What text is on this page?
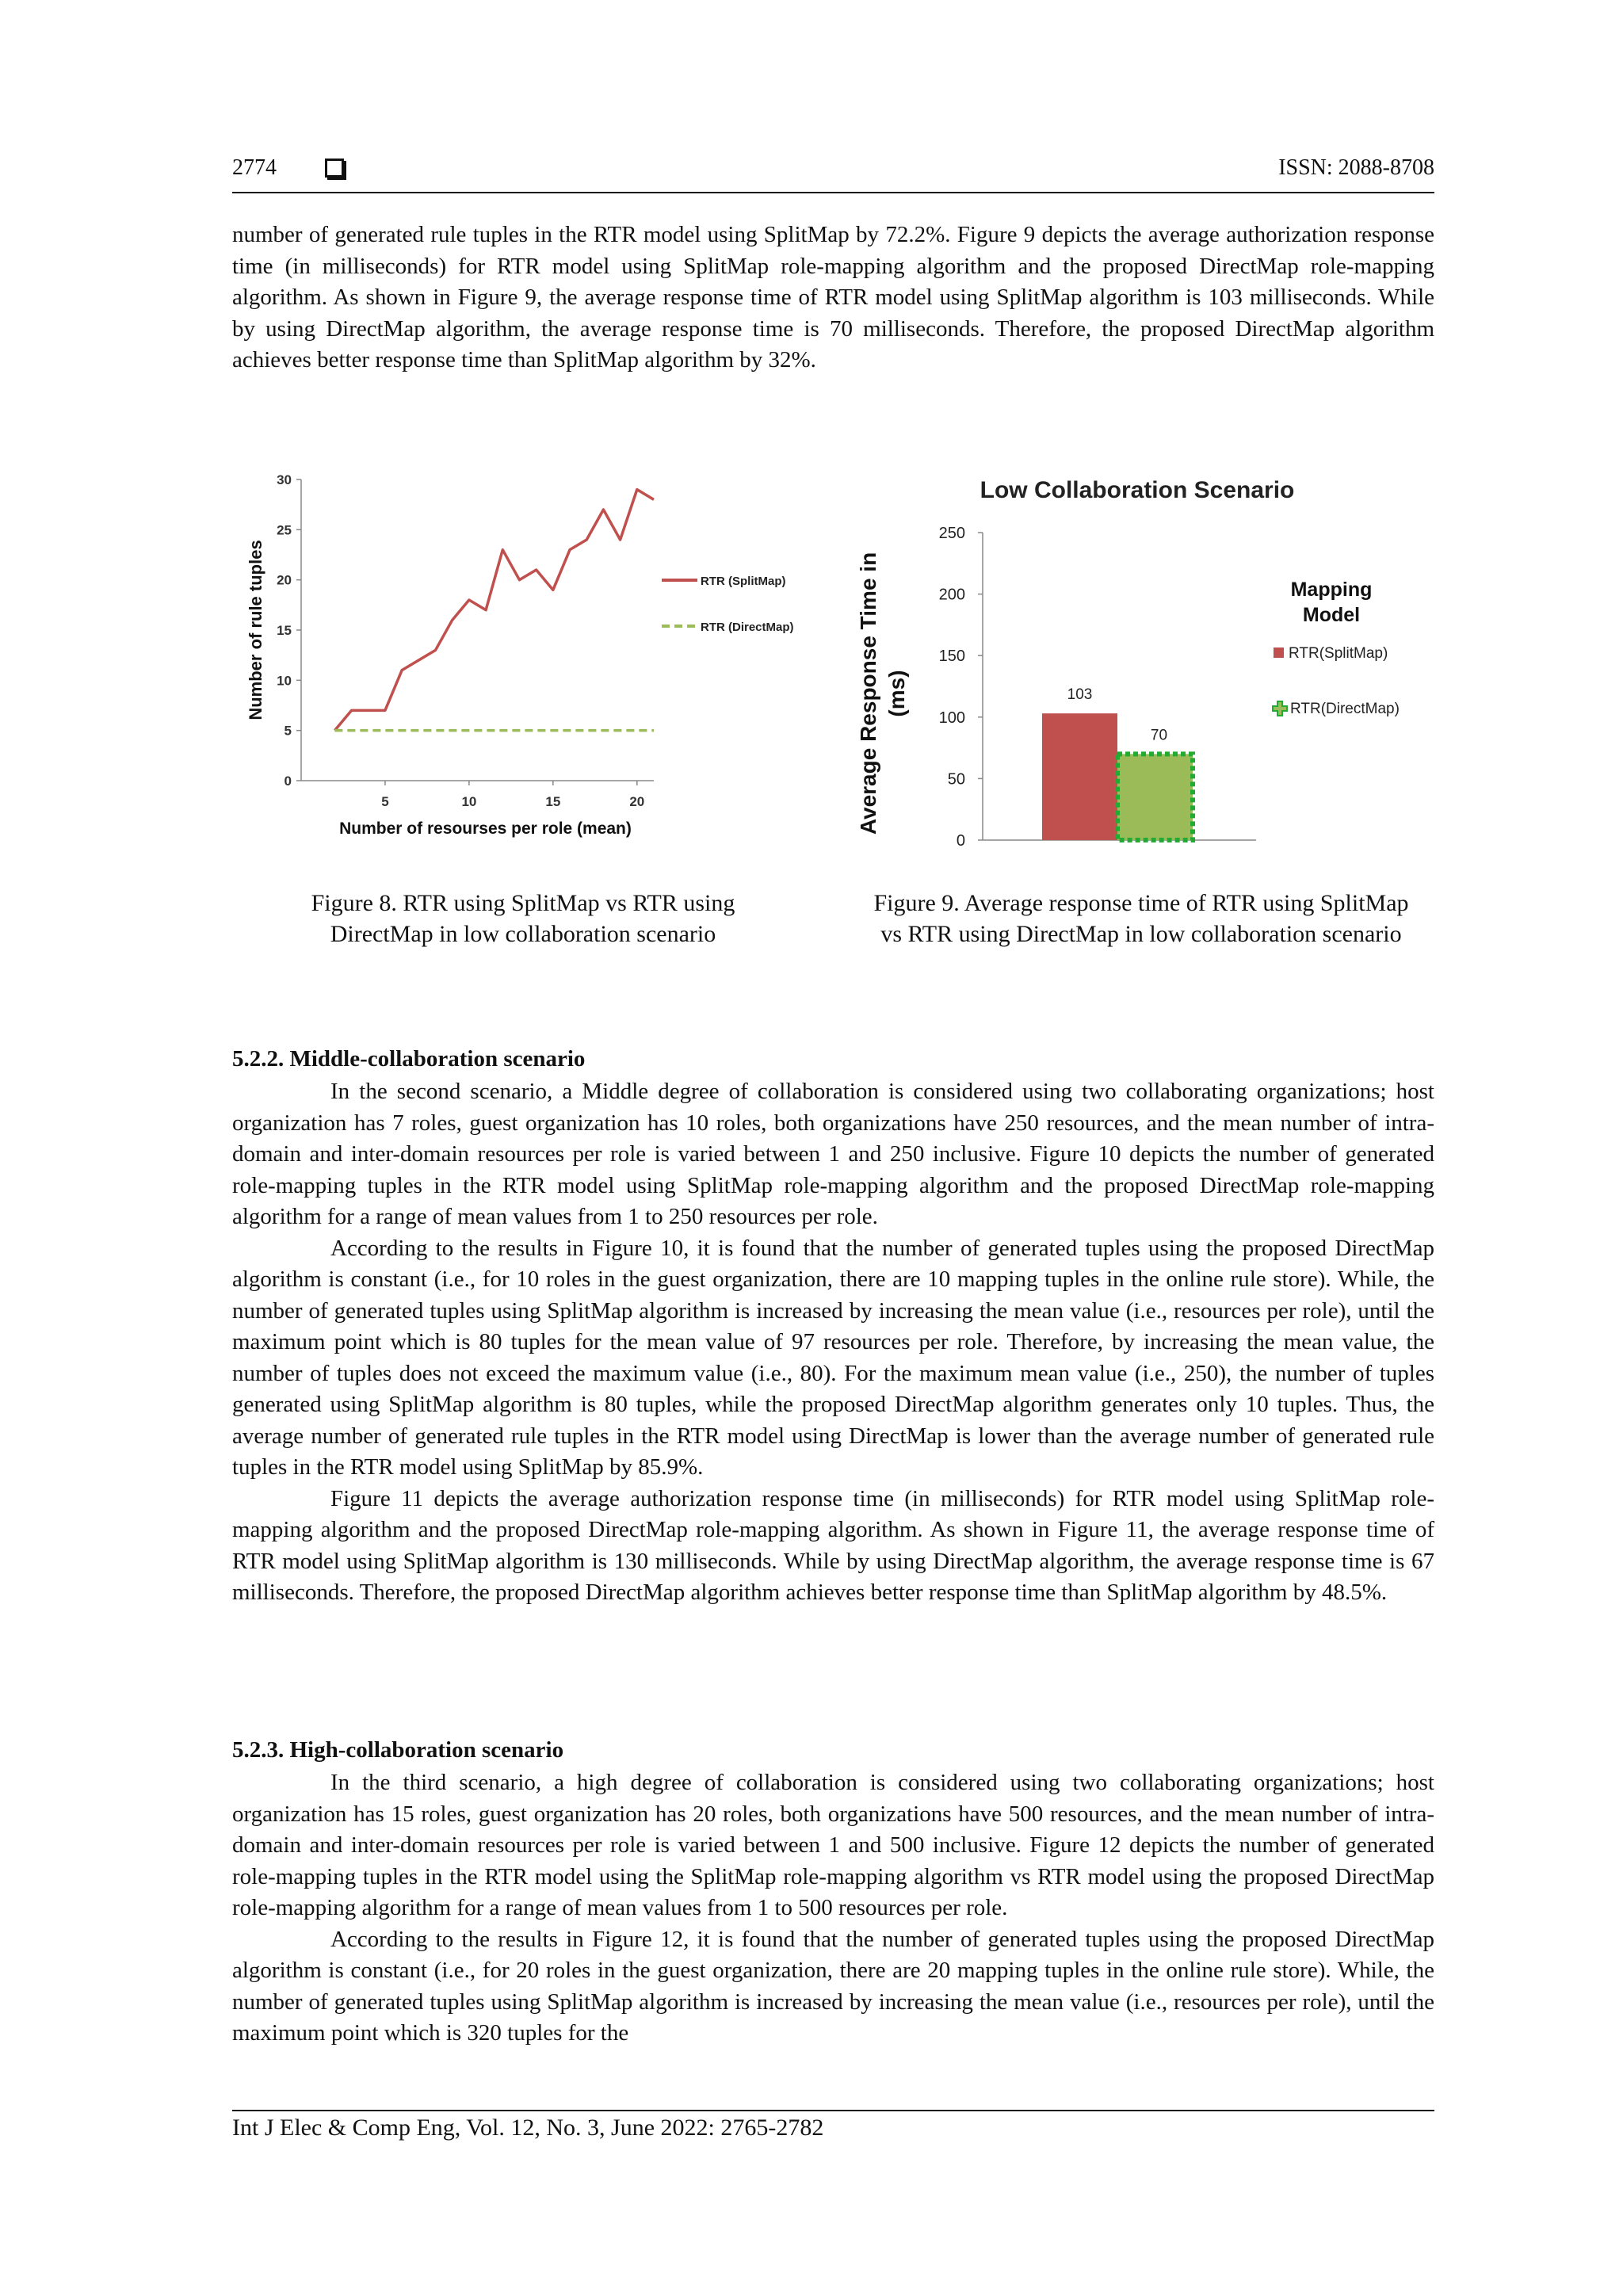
2774	ISSN: 2088-8708

number of generated rule tuples in the RTR model using SplitMap by 72.2%. Figure 9 depicts the average authorization response time (in milliseconds) for RTR model using SplitMap role-mapping algorithm and the proposed DirectMap role-mapping algorithm. As shown in Figure 9, the average response time of RTR model using SplitMap algorithm is 103 milliseconds. While by using DirectMap algorithm, the average response time is 70 milliseconds. Therefore, the proposed DirectMap algorithm achieves better response time than SplitMap algorithm by 32%.

0
5
10
15
20
25
30
5	10	15	20
RTR (SplitMap)
RTR (DirectMap)
Number of resourses per role (mean)
Number of rule tuples
Low Collaboration Scenario
0
50
100
150
200
250
103
70
Average Response Time in (ms)
Mapping
Model
RTR(SplitMap)
RTR(DirectMap)
Figure 8. RTR using SplitMap vs RTR using DirectMap in low collaboration scenario
Figure 9. Average response time of RTR using SplitMap vs RTR using DirectMap in low collaboration scenario
5.2.2. Middle-collaboration scenario

In the second scenario, a Middle degree of collaboration is considered using two collaborating organizations; host organization has 7 roles, guest organization has 10 roles, both organizations have 250 resources, and the mean number of intra-domain and inter-domain resources per role is varied between 1 and 250 inclusive. Figure 10 depicts the number of generated role-mapping tuples in the RTR model using SplitMap role-mapping algorithm and the proposed DirectMap role-mapping algorithm for a range of mean values from 1 to 250 resources per role.

According to the results in Figure 10, it is found that the number of generated tuples using the proposed DirectMap algorithm is constant (i.e., for 10 roles in the guest organization, there are 10 mapping tuples in the online rule store). While, the number of generated tuples using SplitMap algorithm is increased by increasing the mean value (i.e., resources per role), until the maximum point which is 80 tuples for the mean value of 97 resources per role. Therefore, by increasing the mean value, the number of tuples does not exceed the maximum value (i.e., 80). For the maximum mean value (i.e., 250), the number of tuples generated using SplitMap algorithm is 80 tuples, while the proposed DirectMap algorithm generates only 10 tuples. Thus, the average number of generated rule tuples in the RTR model using DirectMap is lower than the average number of generated rule tuples in the RTR model using SplitMap by 85.9%.

Figure 11 depicts the average authorization response time (in milliseconds) for RTR model using SplitMap role-mapping algorithm and the proposed DirectMap role-mapping algorithm. As shown in Figure 11, the average response time of RTR model using SplitMap algorithm is 130 milliseconds. While by using DirectMap algorithm, the average response time is 67 milliseconds. Therefore, the proposed DirectMap algorithm achieves better response time than SplitMap algorithm by 48.5%.

5.2.3. High-collaboration scenario

In the third scenario, a high degree of collaboration is considered using two collaborating organizations; host organization has 15 roles, guest organization has 20 roles, both organizations have 500 resources, and the mean number of intra-domain and inter-domain resources per role is varied between 1 and 500 inclusive. Figure 12 depicts the number of generated role-mapping tuples in the RTR model using the SplitMap role-mapping algorithm vs RTR model using the proposed DirectMap role-mapping algorithm for a range of mean values from 1 to 500 resources per role.

According to the results in Figure 12, it is found that the number of generated tuples using the proposed DirectMap algorithm is constant (i.e., for 20 roles in the guest organization, there are 20 mapping tuples in the online rule store). While, the number of generated tuples using SplitMap algorithm is increased by increasing the mean value (i.e., resources per role), until the maximum point which is 320 tuples for the

Int J Elec & Comp Eng, Vol. 12, No. 3, June 2022: 2765-2782
